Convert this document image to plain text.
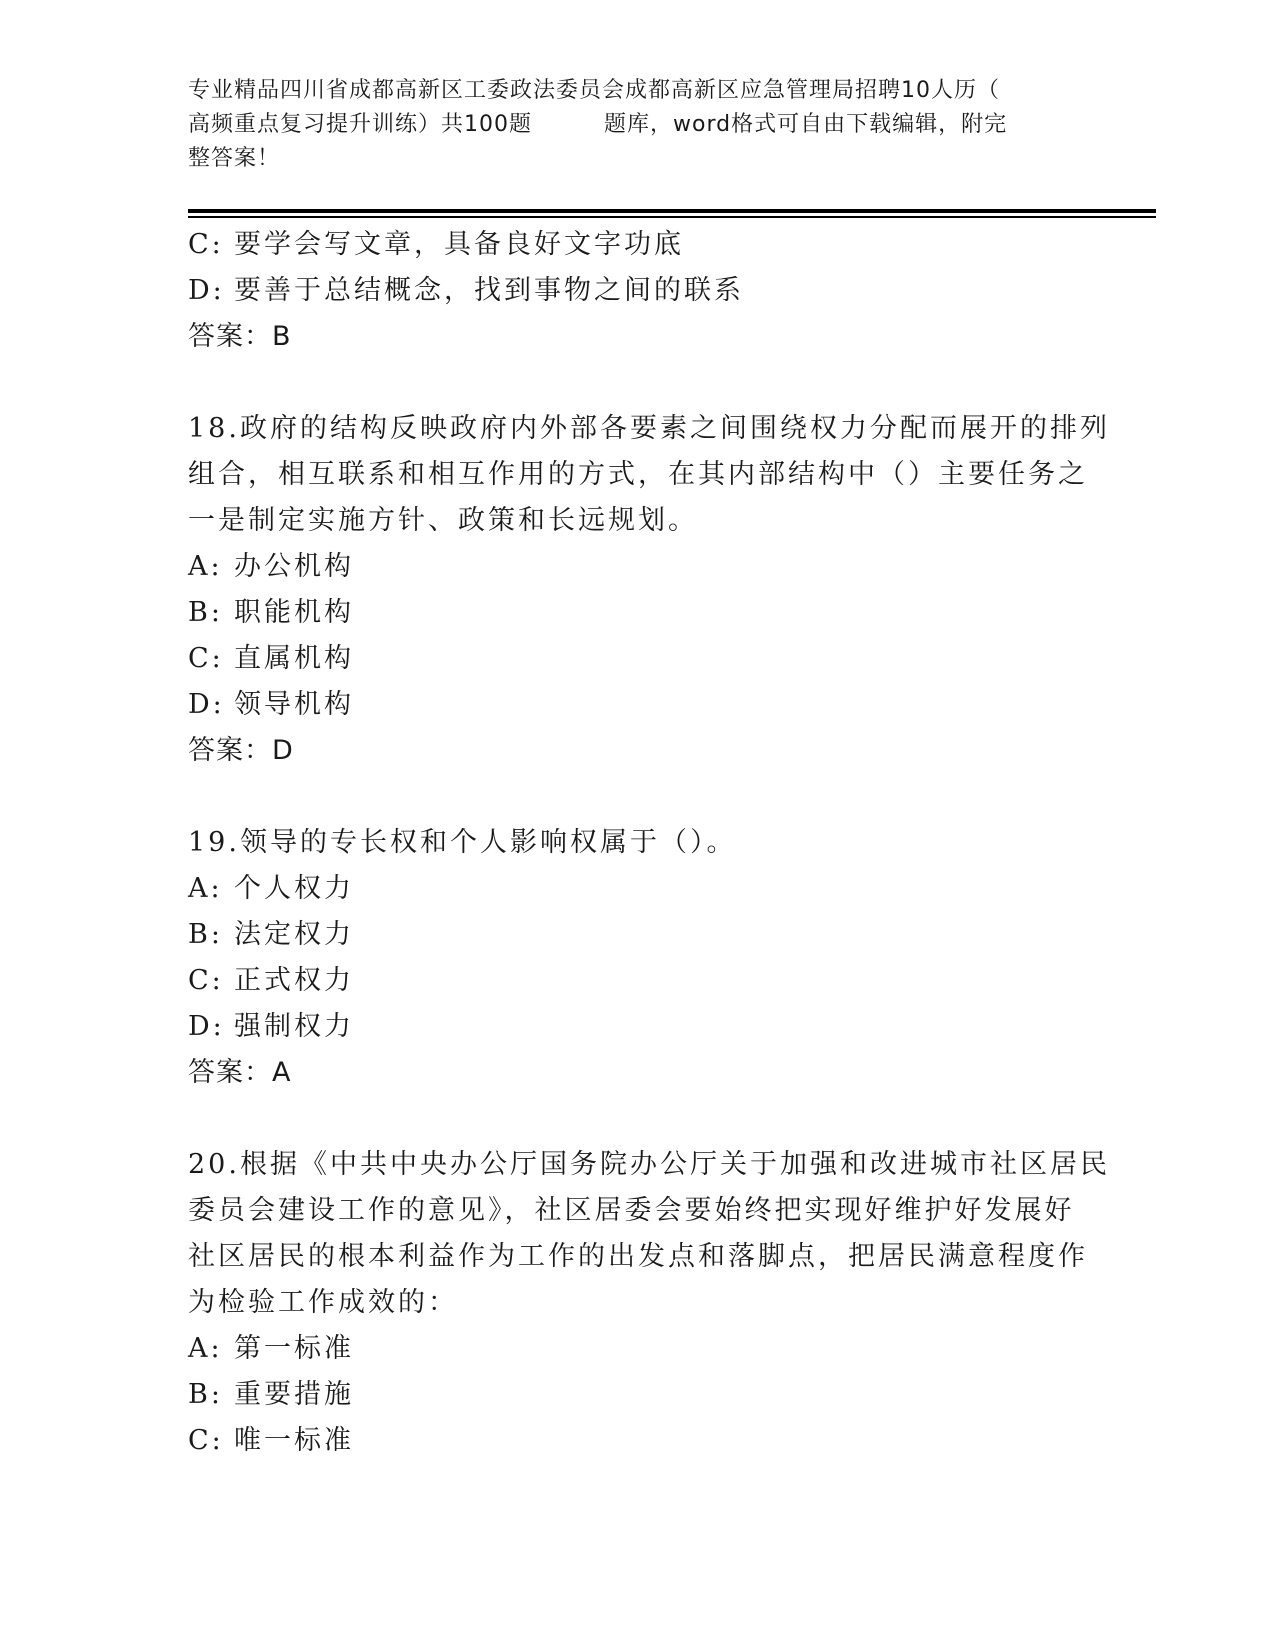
专业精品四川省成都高新区工委政法委员会成都高新区应急管理局招聘10人历（
高频重点复习提升训练）共100题	题库，word格式可自由下载编辑，附完
整答案！
C: 要学会写文章，具备良好文字功底
D: 要善于总结概念，找到事物之间的联系
答案：B
18.政府的结构反映政府内外部各要素之间围绕权力分配而展开的排列
组合，相互联系和相互作用的方式，在其内部结构中（）主要任务之
一是制定实施方针、政策和长远规划。
A: 办公机构
B: 职能机构
C: 直属机构
D: 领导机构
答案：D
19.领导的专长权和个人影响权属于（）。
A: 个人权力
B: 法定权力
C: 正式权力
D: 强制权力
答案：A
20.根据《中共中央办公厅国务院办公厅关于加强和改进城市社区居民
委员会建设工作的意见》，社区居委会要始终把实现好维护好发展好
社区居民的根本利益作为工作的出发点和落脚点，把居民满意程度作
为检验工作成效的：
A: 第一标准
B: 重要措施
C: 唯一标准
